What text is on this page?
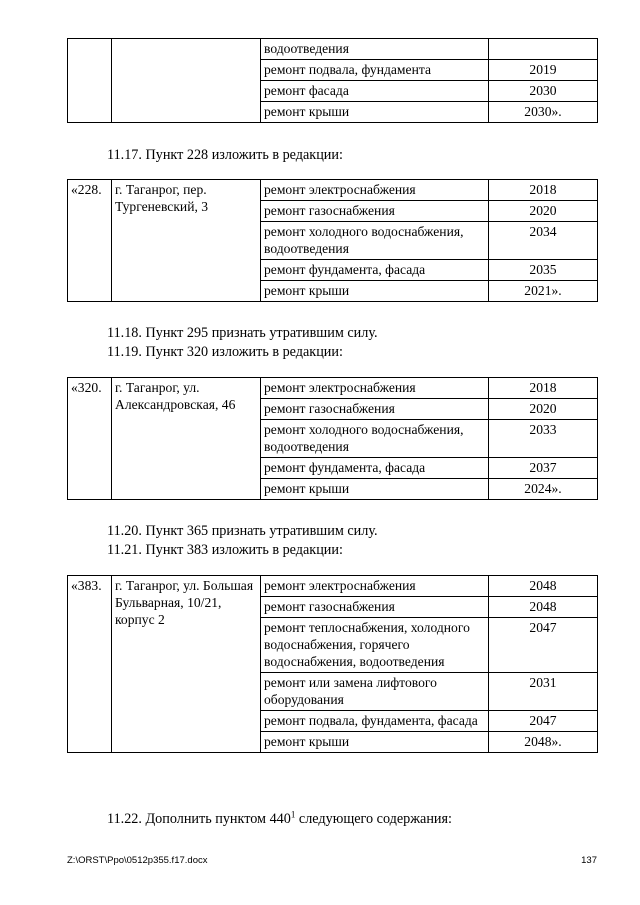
		водоотведения	
		ремонт подвала, фундамента	2019
		ремонт фасада	2030
		ремонт крыши	2030».
11.17. Пункт 228 изложить в редакции:
«228.	г. Таганрог, пер. Тургеневский, 3	ремонт электроснабжения	2018
		ремонт газоснабжения	2020
		ремонт холодного водоснабжения, водоотведения	2034
		ремонт фундамента, фасада	2035
		ремонт крыши	2021».
11.18. Пункт 295 признать утратившим силу.
11.19. Пункт 320 изложить в редакции:
«320.	г. Таганрог, ул. Александровская, 46	ремонт электроснабжения	2018
		ремонт газоснабжения	2020
		ремонт холодного водоснабжения, водоотведения	2033
		ремонт фундамента, фасада	2037
		ремонт крыши	2024».
11.20. Пункт 365 признать утратившим силу.
11.21. Пункт 383 изложить в редакции:
«383.	г. Таганрог, ул. Большая Бульварная, 10/21, корпус 2	ремонт электроснабжения	2048
		ремонт газоснабжения	2048
		ремонт теплоснабжения, холодного водоснабжения, горячего водоснабжения, водоотведения	2047
		ремонт или замена лифтового оборудования	2031
		ремонт подвала, фундамента, фасада	2047
		ремонт крыши	2048».
11.22. Дополнить пунктом $440^1$ следующего содержания:
Z:\ORST\Ppo\0512p355.f17.docx	137
